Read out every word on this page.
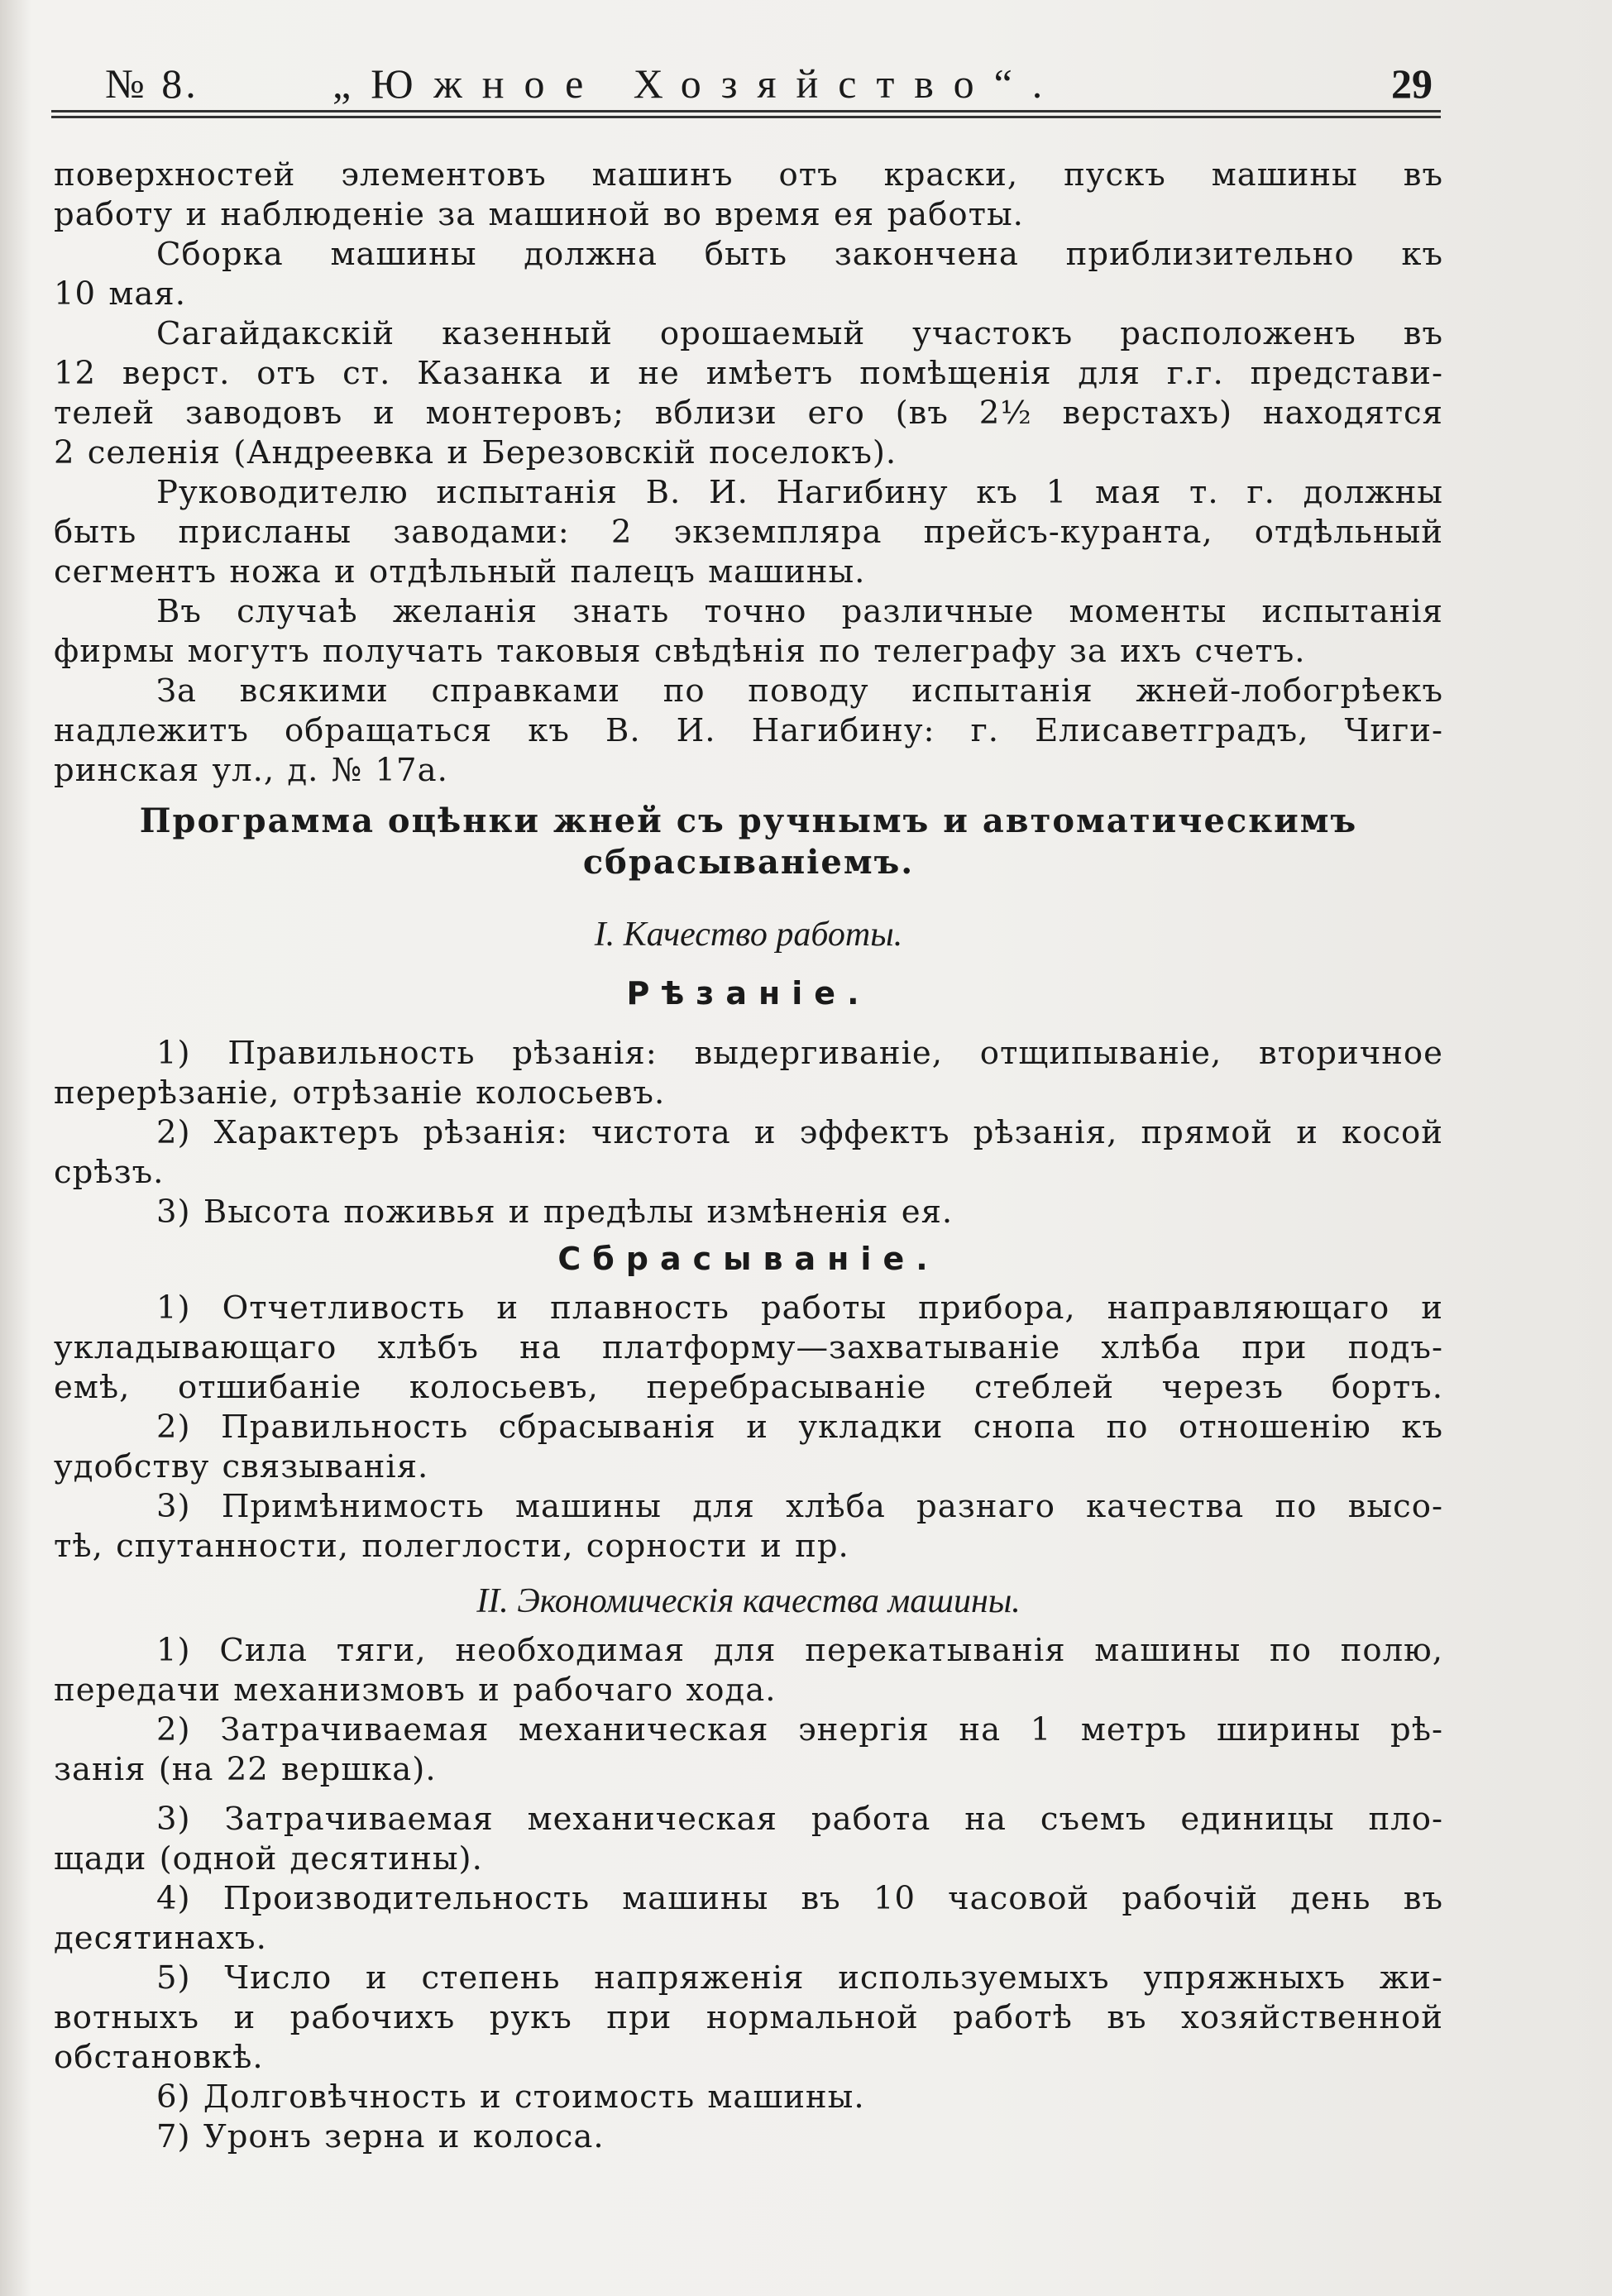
№ 8.	„Южное Хозяйство“.	29
поверхностей элементовъ машинъ отъ краски, пускъ машины въ
работу и наблюденіе за машиной во время ея работы.
Сборка машины должна быть закончена приблизительно къ
10 мая.
Сагайдакскій казенный орошаемый участокъ расположенъ въ
12 верст. отъ ст. Казанка и не имѣетъ помѣщенія для г.г. представи-
телей заводовъ и монтеровъ; вблизи его (въ 2½ верстахъ) находятся
2 селенія (Андреевка и Березовскій поселокъ).
Руководителю испытанія В. И. Нагибину къ 1 мая т. г. должны
быть присланы заводами: 2 экземпляра прейсъ-куранта, отдѣльный
сегментъ ножа и отдѣльный палецъ машины.
Въ случаѣ желанія знать точно различные моменты испытанія
фирмы могутъ получать таковыя свѣдѣнія по телеграфу за ихъ счетъ.
За всякими справками по поводу испытанія жней-лобогрѣекъ
надлежитъ обращаться къ В. И. Нагибину: г. Елисаветградъ, Чиги-
ринская ул., д. № 17а.
Программа оцѣнки жней съ ручнымъ и автоматическимъ
сбрасываніемъ.
I. Качество работы.
Рѣзаніе.
1) Правильность рѣзанія: выдергиваніе, отщипываніе, вторичное
перерѣзаніе, отрѣзаніе колосьевъ.
2) Характеръ рѣзанія: чистота и эффектъ рѣзанія, прямой и косой
срѣзъ.
3) Высота поживья и предѣлы измѣненія ея.
Сбрасываніе.
1) Отчетливость и плавность работы прибора, направляющаго и
укладывающаго хлѣбъ на платформу—захватываніе хлѣба при подъ-
емѣ, отшибаніе колосьевъ, перебрасываніе стеблей черезъ бортъ.
2) Правильность сбрасыванія и укладки снопа по отношенію къ
удобству связыванія.
3) Примѣнимость машины для хлѣба разнаго качества по высо-
тѣ, спутанности, полеглости, сорности и пр.
II. Экономическія качества машины.
1) Сила тяги, необходимая для перекатыванія машины по полю,
передачи механизмовъ и рабочаго хода.
2) Затрачиваемая механическая энергія на 1 метръ ширины рѣ-
занія (на 22 вершка).
3) Затрачиваемая механическая работа на съемъ единицы пло-
щади (одной десятины).
4) Производительность машины въ 10 часовой рабочій день въ
десятинахъ.
5) Число и степень напряженія используемыхъ упряжныхъ жи-
вотныхъ и рабочихъ рукъ при нормальной работѣ въ хозяйственной
обстановкѣ.
6) Долговѣчность и стоимость машины.
7) Уронъ зерна и колоса.
